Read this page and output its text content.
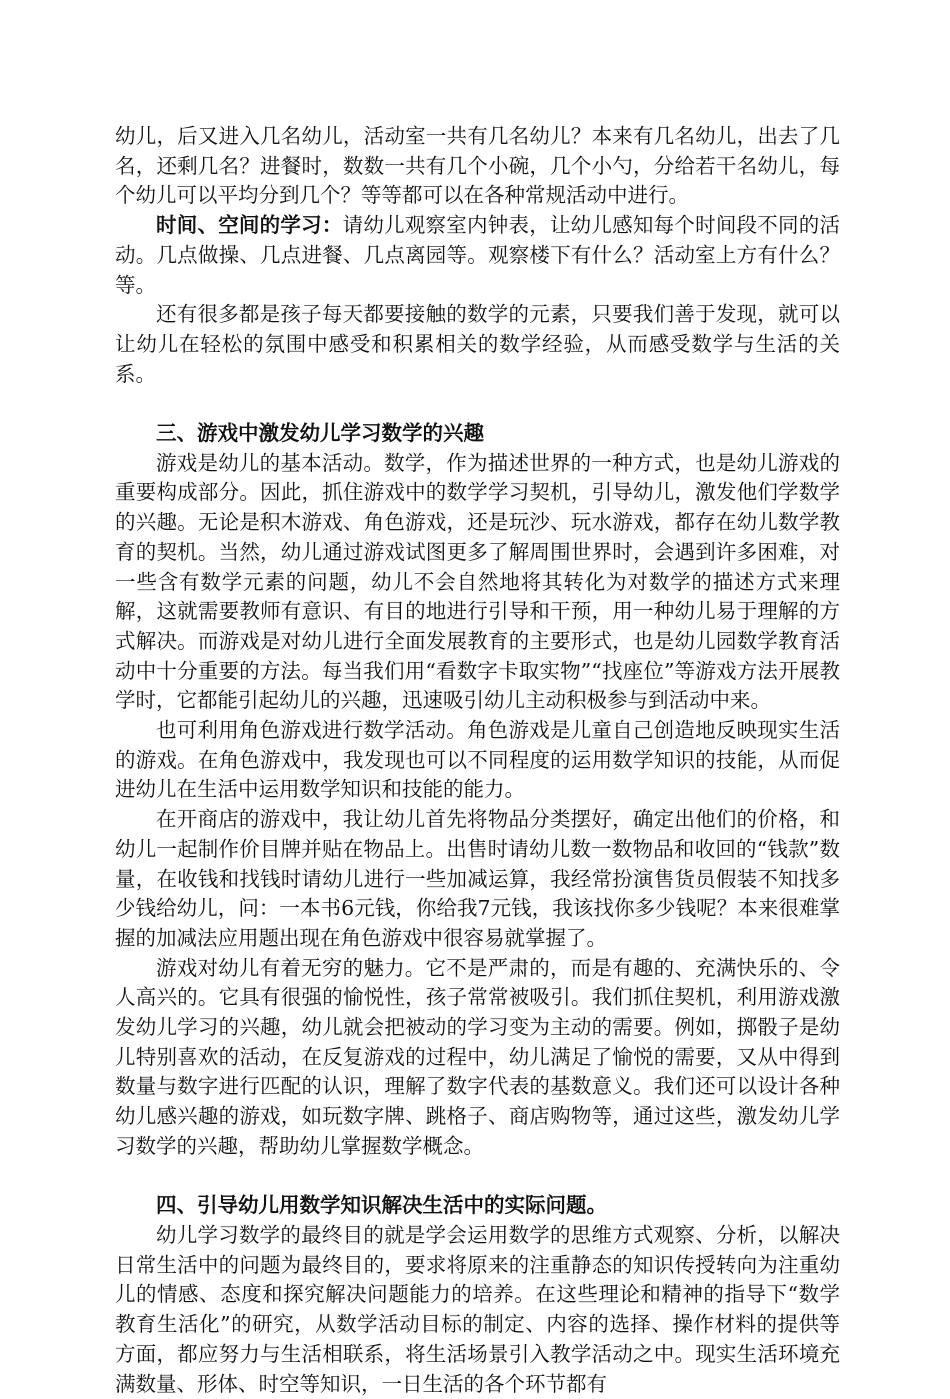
幼儿，后又进入几名幼儿，活动室一共有几名幼儿？本来有几名幼儿，出去了几名，还剩几名？进餐时，数数一共有几个小碗，几个小勺，分给若干名幼儿，每个幼儿可以平均分到几个？等等都可以在各种常规活动中进行。

时间、空间的学习：请幼儿观察室内钟表，让幼儿感知每个时间段不同的活动。几点做操、几点进餐、几点离园等。观察楼下有什么？活动室上方有什么？等。

还有很多都是孩子每天都要接触的数学的元素，只要我们善于发现，就可以让幼儿在轻松的氛围中感受和积累相关的数学经验，从而感受数学与生活的关系。

三、游戏中激发幼儿学习数学的兴趣

游戏是幼儿的基本活动。数学，作为描述世界的一种方式，也是幼儿游戏的重要构成部分。因此，抓住游戏中的数学学习契机，引导幼儿，激发他们学数学的兴趣。无论是积木游戏、角色游戏，还是玩沙、玩水游戏，都存在幼儿数学教育的契机。当然，幼儿通过游戏试图更多了解周围世界时，会遇到许多困难，对一些含有数学元素的问题，幼儿不会自然地将其转化为对数学的描述方式来理解，这就需要教师有意识、有目的地进行引导和干预，用一种幼儿易于理解的方式解决。而游戏是对幼儿进行全面发展教育的主要形式，也是幼儿园数学教育活动中十分重要的方法。每当我们用“看数字卡取实物”“找座位”等游戏方法开展教学时，它都能引起幼儿的兴趣，迅速吸引幼儿主动积极参与到活动中来。

也可利用角色游戏进行数学活动。角色游戏是儿童自己创造地反映现实生活的游戏。在角色游戏中，我发现也可以不同程度的运用数学知识的技能，从而促进幼儿在生活中运用数学知识和技能的能力。

在开商店的游戏中，我让幼儿首先将物品分类摆好，确定出他们的价格，和幼儿一起制作价目牌并贴在物品上。出售时请幼儿数一数物品和收回的“钱款”数量，在收钱和找钱时请幼儿进行一些加减运算，我经常扮演售货员假装不知找多少钱给幼儿，问：一本书6元钱，你给我7元钱，我该找你多少钱呢？本来很难掌握的加减法应用题出现在角色游戏中很容易就掌握了。

游戏对幼儿有着无穷的魅力。它不是严肃的，而是有趣的、充满快乐的、令人高兴的。它具有很强的愉悦性，孩子常常被吸引。我们抓住契机，利用游戏激发幼儿学习的兴趣，幼儿就会把被动的学习变为主动的需要。例如，掷骰子是幼儿特别喜欢的活动，在反复游戏的过程中，幼儿满足了愉悦的需要，又从中得到数量与数字进行匹配的认识，理解了数字代表的基数意义。我们还可以设计各种幼儿感兴趣的游戏，如玩数字牌、跳格子、商店购物等，通过这些，激发幼儿学习数学的兴趣，帮助幼儿掌握数学概念。

四、引导幼儿用数学知识解决生活中的实际问题。

幼儿学习数学的最终目的就是学会运用数学的思维方式观察、分析，以解决日常生活中的问题为最终目的，要求将原来的注重静态的知识传授转向为注重幼儿的情感、态度和探究解决问题能力的培养。在这些理论和精神的指导下“数学教育生活化”的研究，从数学活动目标的制定、内容的选择、操作材料的提供等方面，都应努力与生活相联系，将生活场景引入教学活动之中。现实生活环境充满数量、形体、时空等知识，一日生活的各个环节都有
